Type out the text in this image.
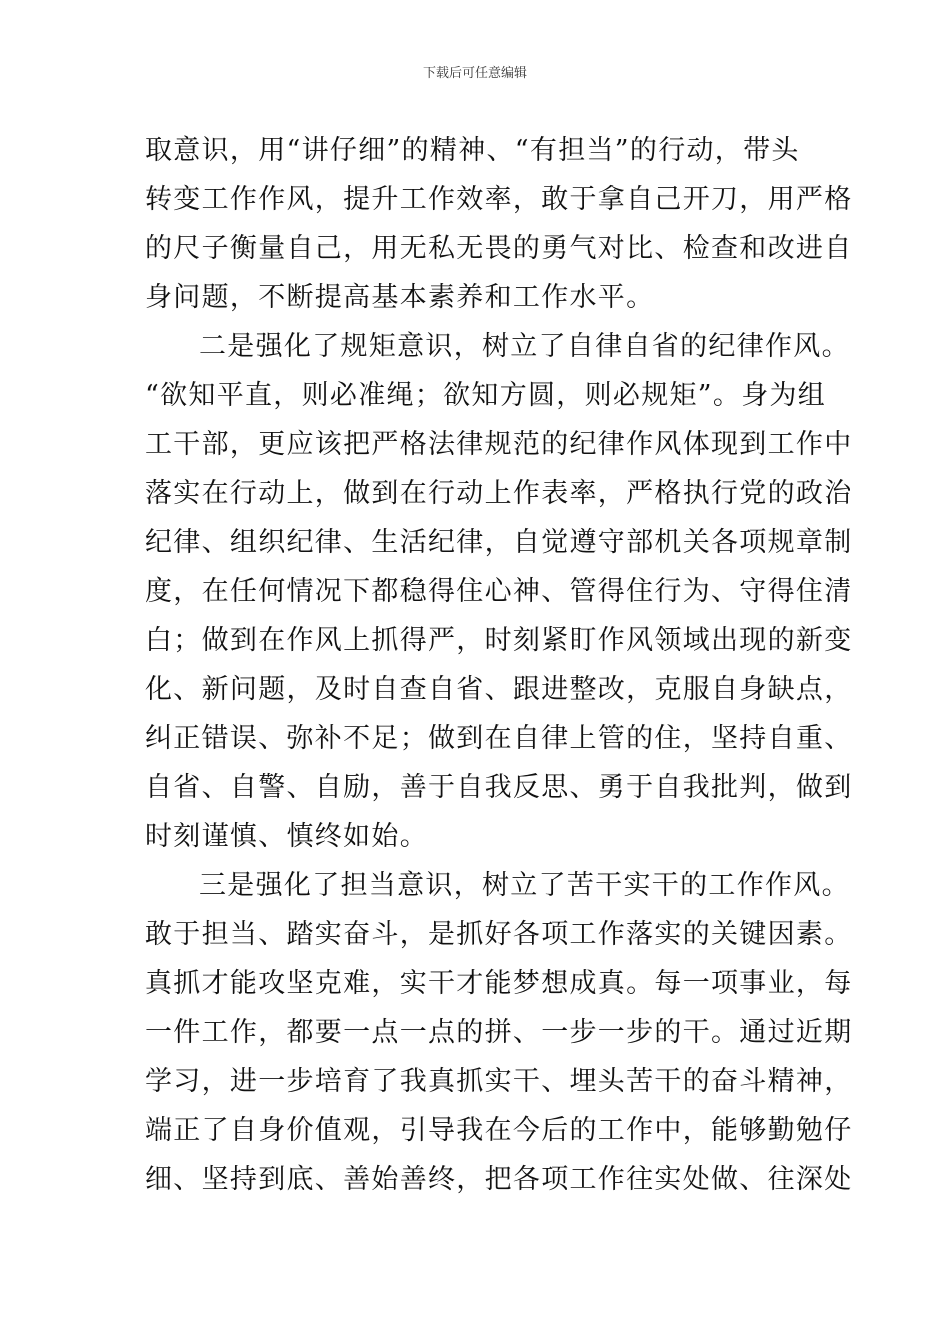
下载后可任意编辑
取意识，用“讲仔细”的精神、“有担当”的行动，带头
转变工作作风，提升工作效率，敢于拿自己开刀，用严格
的尺子衡量自己，用无私无畏的勇气对比、检查和改进自
身问题，不断提高基本素养和工作水平。
二是强化了规矩意识，树立了自律自省的纪律作风。
“欲知平直，则必准绳；欲知方圆，则必规矩”。身为组
工干部，更应该把严格法律规范的纪律作风体现到工作中
落实在行动上，做到在行动上作表率，严格执行党的政治
纪律、组织纪律、生活纪律，自觉遵守部机关各项规章制
度，在任何情况下都稳得住心神、管得住行为、守得住清
白；做到在作风上抓得严，时刻紧盯作风领域出现的新变
化、新问题，及时自查自省、跟进整改，克服自身缺点，
纠正错误、弥补不足；做到在自律上管的住，坚持自重、
自省、自警、自励，善于自我反思、勇于自我批判，做到
时刻谨慎、慎终如始。
三是强化了担当意识，树立了苦干实干的工作作风。
敢于担当、踏实奋斗，是抓好各项工作落实的关键因素。
真抓才能攻坚克难，实干才能梦想成真。每一项事业，每
一件工作，都要一点一点的拼、一步一步的干。通过近期
学习，进一步培育了我真抓实干、埋头苦干的奋斗精神，
端正了自身价值观，引导我在今后的工作中，能够勤勉仔
细、坚持到底、善始善终，把各项工作往实处做、往深处
